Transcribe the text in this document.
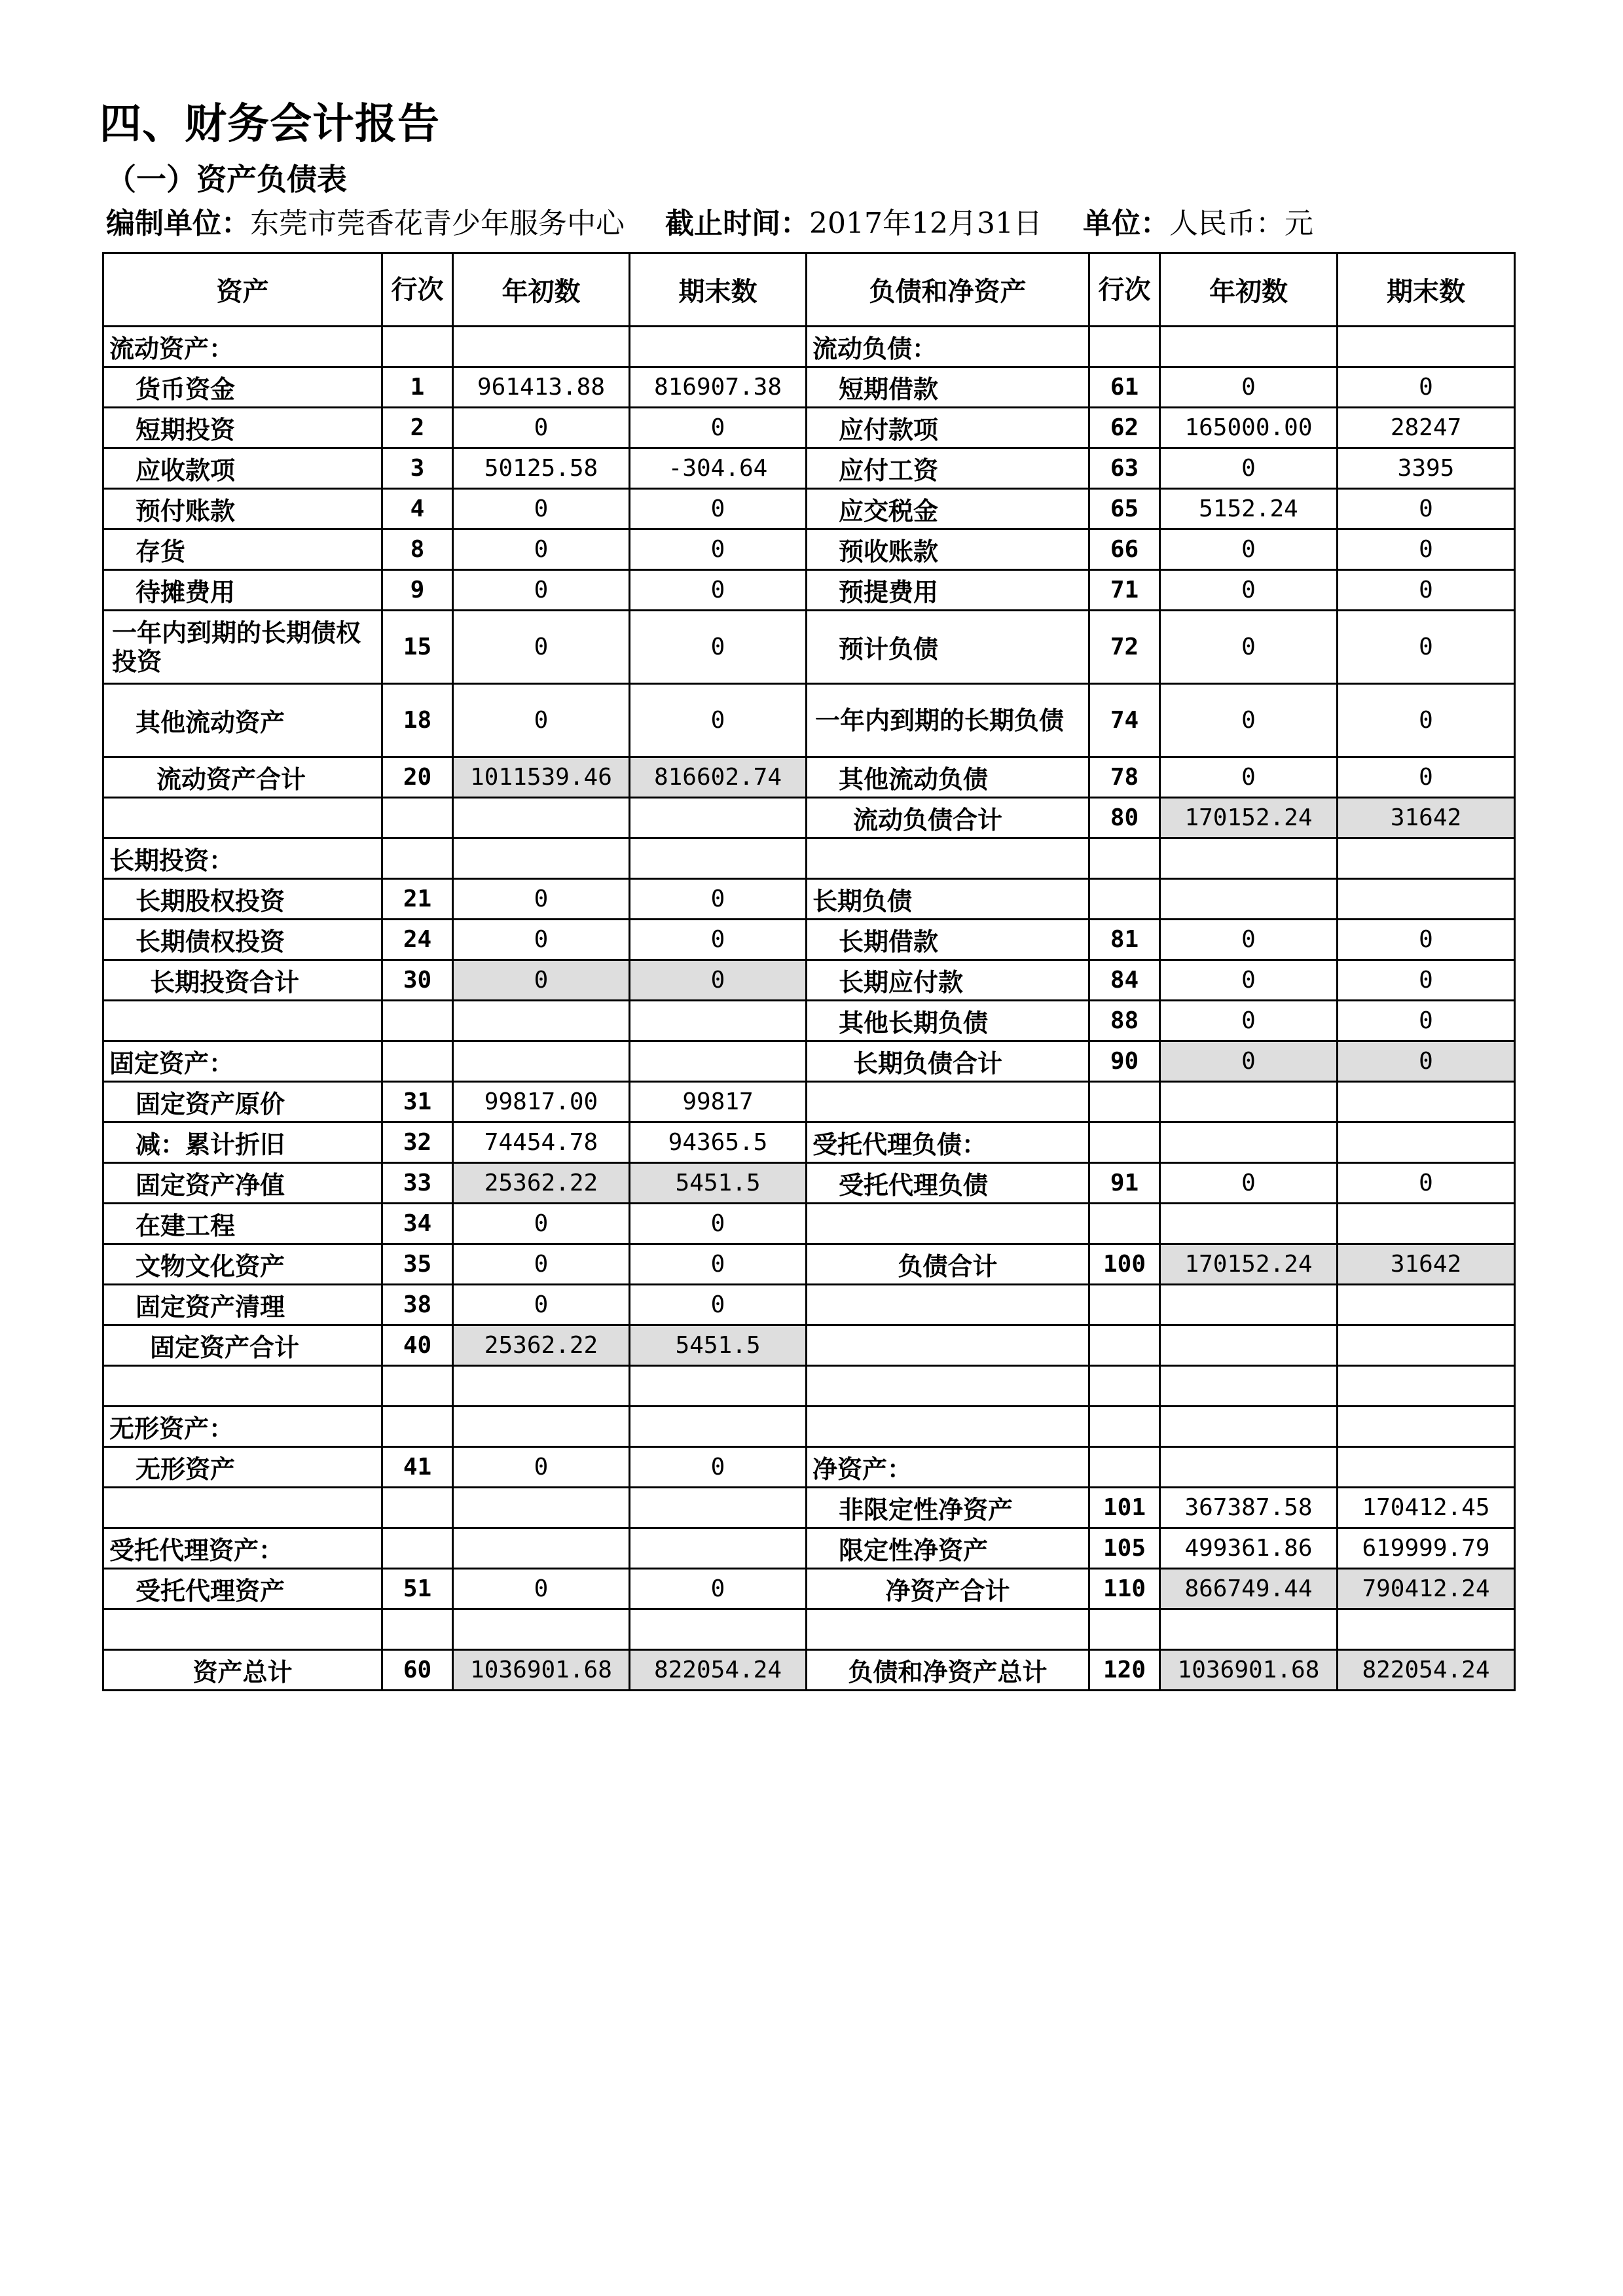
四、财务会计报告
（一）资产负债表
编制单位：东莞市莞香花青少年服务中心 截止时间：2017年12月31日 单位：人民币：元
资产	行次	年初数	期末数	负债和净资产	行次	年初数	期末数
流动资产：				流动负债：			
货币资金	1	961413.88	816907.38	短期借款	61	0	0
短期投资	2	0	0	应付款项	62	165000.00	28247
应收款项	3	50125.58	-304.64	应付工资	63	0	3395
预付账款	4	0	0	应交税金	65	5152.24	0
存货	8	0	0	预收账款	66	0	0
待摊费用	9	0	0	预提费用	71	0	0
一年内到期的长期债权投资	15	0	0	预计负债	72	0	0
其他流动资产	18	0	0	一年内到期的长期负债	74	0	0
流动资产合计	20	1011539.46	816602.74	其他流动负债	78	0	0
				流动负债合计	80	170152.24	31642
长期投资：							
长期股权投资	21	0	0	长期负债			
长期债权投资	24	0	0	长期借款	81	0	0
长期投资合计	30	0	0	长期应付款	84	0	0
				其他长期负债	88	0	0
固定资产：				长期负债合计	90	0	0
固定资产原价	31	99817.00	99817				
减：累计折旧	32	74454.78	94365.5	受托代理负债：			
固定资产净值	33	25362.22	5451.5	受托代理负债	91	0	0
在建工程	34	0	0				
文物文化资产	35	0	0	负债合计	100	170152.24	31642
固定资产清理	38	0	0				
固定资产合计	40	25362.22	5451.5				

无形资产：							
无形资产	41	0	0	净资产：			
				非限定性净资产	101	367387.58	170412.45
受托代理资产：				限定性净资产	105	499361.86	619999.79
受托代理资产	51	0	0	净资产合计	110	866749.44	790412.24

资产总计	60	1036901.68	822054.24	负债和净资产总计	120	1036901.68	822054.24
